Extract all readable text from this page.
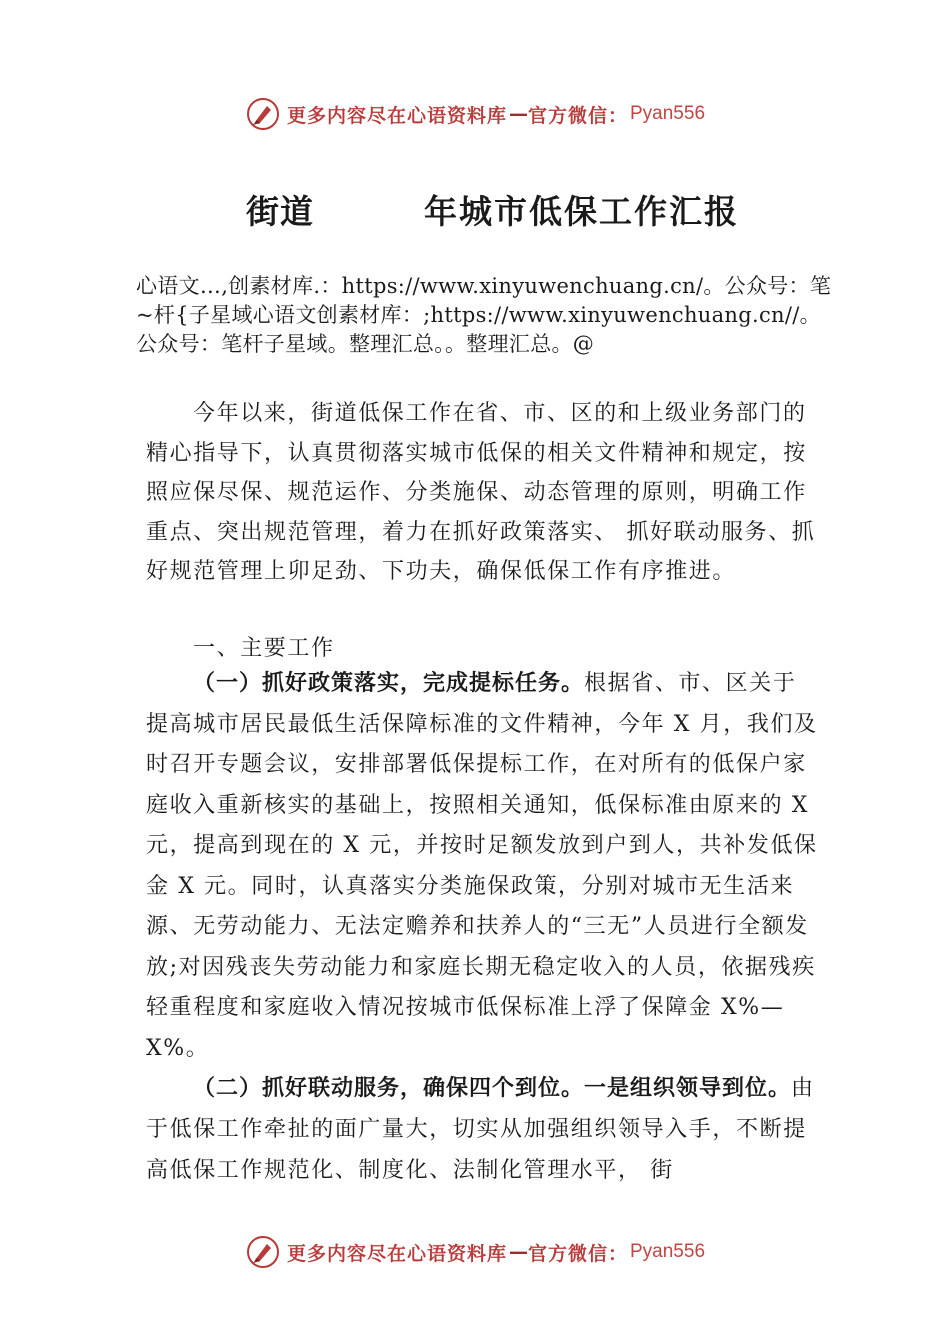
更多内容尽在心语资料库 — 官方微信： Pyan556
街道	年城市低保工作汇报
心语文…,创素材库.：https://www.xinyuwenchuang.cn/。公众号：笔~杆{子星域心语文创素材库：;https://www.xinyuwenchuang.cn//。公众号：笔杆子星域。整理汇总。。整理汇总。@
今年以来，街道低保工作在省、市、区的和上级业务部门的精心指导下，认真贯彻落实城市低保的相关文件精神和规定，按照应保尽保、规范运作、分类施保、动态管理的原则，明确工作重点、突出规范管理，着力在抓好政策落实、 抓好联动服务、抓好规范管理上卯足劲、下功夫，确保低保工作有序推进。
一、主要工作
（一）抓好政策落实，完成提标任务。根据省、市、区关于提高城市居民最低生活保障标准的文件精神，今年 X 月，我们及时召开专题会议，安排部署低保提标工作，在对所有的低保户家庭收入重新核实的基础上，按照相关通知，低保标准由原来的 X 元，提高到现在的 X 元，并按时足额发放到户到人，共补发低保金 X 元。同时，认真落实分类施保政策，分别对城市无生活来源、无劳动能力、无法定赡养和扶养人的“三无”人员进行全额发放;对因残丧失劳动能力和家庭长期无稳定收入的人员，依据残疾轻重程度和家庭收入情况按城市低保标准上浮了保障金 X%—X%。
（二）抓好联动服务，确保四个到位。一是组织领导到位。由于低保工作牵扯的面广量大，切实从加强组织领导入手，不断提高低保工作规范化、制度化、法制化管理水平， 街
更多内容尽在心语资料库 — 官方微信： Pyan556
